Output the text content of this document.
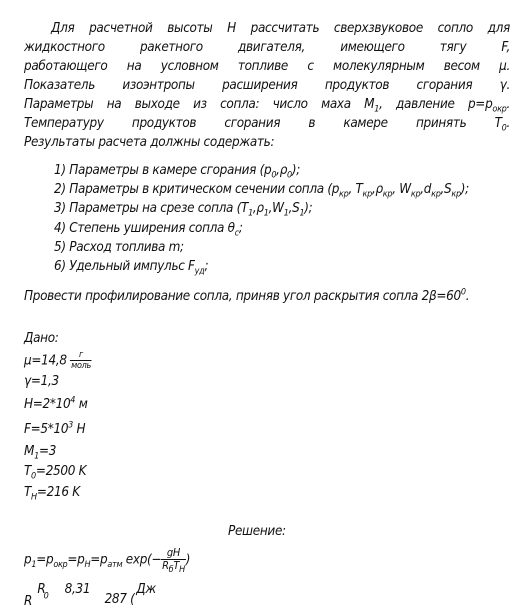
Для расчетной высоты Н рассчитать сверхзвуковое сопло для
жидкостного ракетного двигателя, имеющего тягу F,
работающего на условном топливе с молекулярным весом μ.
Показатель изоэнтропы расширения продуктов сгорания γ.
Параметры на выходе из сопла: число маха $M_1$, давление $p=p_{окр}$.
Температуру продуктов сгорания в камере принять $T_0$.
Результаты расчета должны содержать:
1) Параметры в камере сгорания $(p_0,\rho_0)$;
2) Параметры в критическом сечении сопла ($p_{кр}$, $T_{кр},\rho_{кр}$, $W_{кр},d_{кр},S_{кр}$);
3) Параметры на срезе сопла $(T_1,\rho_1,W_1,S_1)$;
4) Степень уширения сопла $\theta_c$;
5) Расход топлива m;
6) Удельный импульс $F_{уд}$;
Провести профилирование сопла, приняв угол раскрытия сопла $2\beta=60^0$.
Дано:
$\mu=14,8 \frac{г}{\text{моль}}$
γ=1,3
$Н=2*10^4$ м
$F=5*10^3$ Н
$M_1=3$
$T_0=2500$ K
$T_H=216$ K
Решение:
$p_1=p_{окр}=p_Н=p_{атм}$ $\exp(- \frac{gH}{R_бT_Н}$ )
R $R_0$ 8,31 287 ( Дж
